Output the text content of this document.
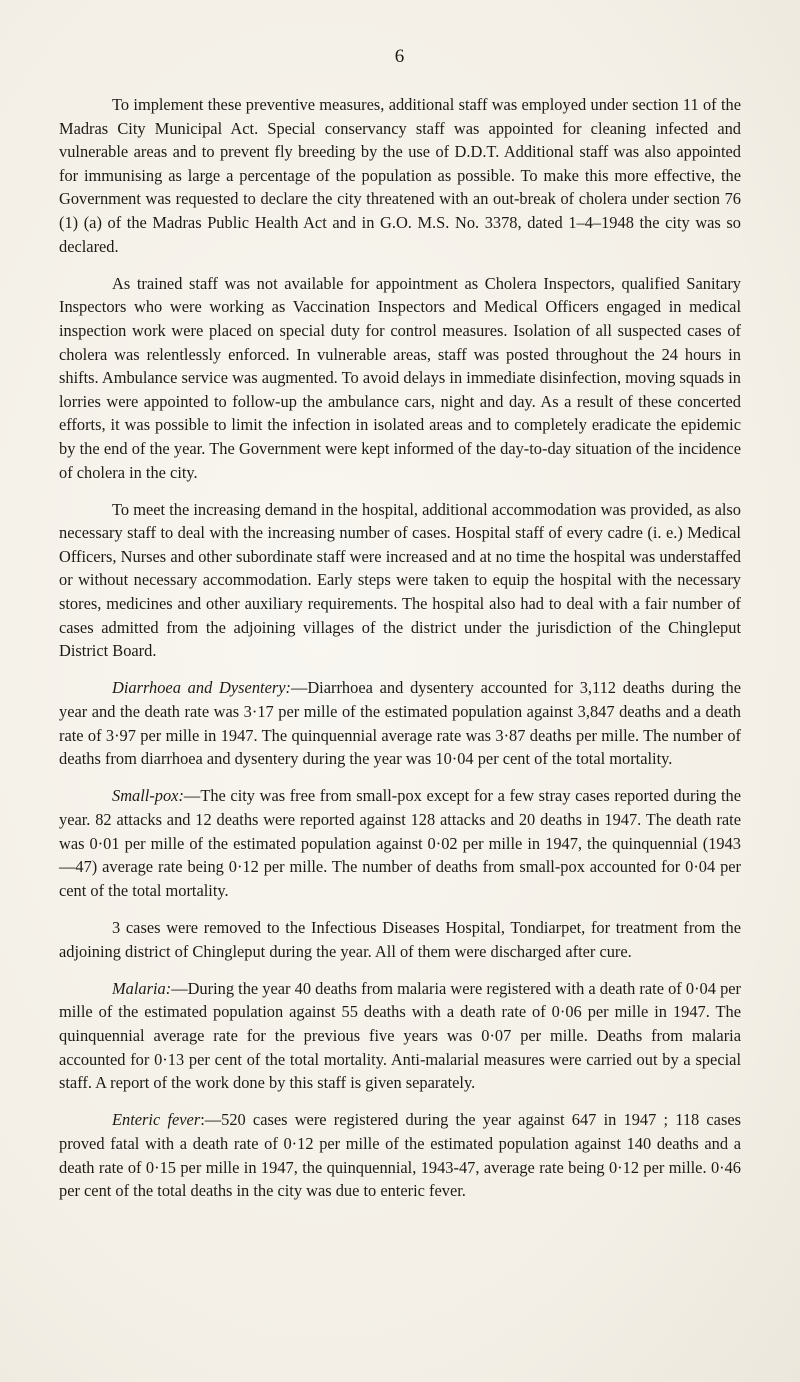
6

To implement these preventive measures, additional staff was employed under section 11 of the Madras City Municipal Act. Special conservancy staff was appointed for cleaning infected and vulnerable areas and to prevent fly breeding by the use of D.D.T. Additional staff was also appointed for immunising as large a percentage of the population as possible. To make this more effective, the Government was requested to declare the city threatened with an out-break of cholera under section 76 (1) (a) of the Madras Public Health Act and in G.O. M.S. No. 3378, dated 1–4–1948 the city was so declared.

As trained staff was not available for appointment as Cholera Inspectors, qualified Sanitary Inspectors who were working as Vaccination Inspectors and Medical Officers engaged in medical inspection work were placed on special duty for control measures. Isolation of all suspected cases of cholera was relentlessly enforced. In vulnerable areas, staff was posted throughout the 24 hours in shifts. Ambulance service was augmented. To avoid delays in immediate disinfection, moving squads in lorries were appointed to follow-up the ambulance cars, night and day. As a result of these concerted efforts, it was possible to limit the infection in isolated areas and to completely eradicate the epidemic by the end of the year. The Government were kept informed of the day-to-day situation of the incidence of cholera in the city.

To meet the increasing demand in the hospital, additional accommodation was provided, as also necessary staff to deal with the increasing number of cases. Hospital staff of every cadre (i. e.) Medical Officers, Nurses and other subordinate staff were increased and at no time the hospital was understaffed or without necessary accommodation. Early steps were taken to equip the hospital with the necessary stores, medicines and other auxiliary requirements. The hospital also had to deal with a fair number of cases admitted from the adjoining villages of the district under the jurisdiction of the Chingleput District Board.

Diarrhoea and Dysentery:—Diarrhoea and dysentery accounted for 3,112 deaths during the year and the death rate was 3·17 per mille of the estimated population against 3,847 deaths and a death rate of 3·97 per mille in 1947. The quinquennial average rate was 3·87 deaths per mille. The number of deaths from diarrhoea and dysentery during the year was 10·04 per cent of the total mortality.

Small-pox:—The city was free from small-pox except for a few stray cases reported during the year. 82 attacks and 12 deaths were reported against 128 attacks and 20 deaths in 1947. The death rate was 0·01 per mille of the estimated population against 0·02 per mille in 1947, the quinquennial (1943—47) average rate being 0·12 per mille. The number of deaths from small-pox accounted for 0·04 per cent of the total mortality.

3 cases were removed to the Infectious Diseases Hospital, Tondiarpet, for treatment from the adjoining district of Chingleput during the year. All of them were discharged after cure.

Malaria:—During the year 40 deaths from malaria were registered with a death rate of 0·04 per mille of the estimated population against 55 deaths with a death rate of 0·06 per mille in 1947. The quinquennial average rate for the previous five years was 0·07 per mille. Deaths from malaria accounted for 0·13 per cent of the total mortality. Anti-malarial measures were carried out by a special staff. A report of the work done by this staff is given separately.

Enteric fever:—520 cases were registered during the year against 647 in 1947 ; 118 cases proved fatal with a death rate of 0·12 per mille of the estimated population against 140 deaths and a death rate of 0·15 per mille in 1947, the quinquennial, 1943-47, average rate being 0·12 per mille. 0·46 per cent of the total deaths in the city was due to enteric fever.
